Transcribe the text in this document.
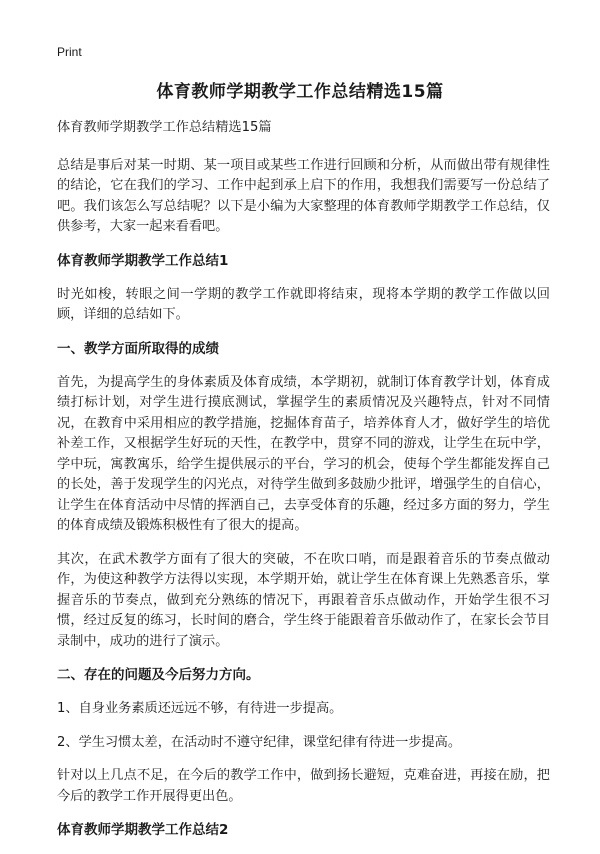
Print
体育教师学期教学工作总结精选15篇

体育教师学期教学工作总结精选15篇

总结是事后对某一时期、某一项目或某些工作进行回顾和分析，从而做出带有规律性的结论，它在我们的学习、工作中起到承上启下的作用，我想我们需要写一份总结了吧。我们该怎么写总结呢？以下是小编为大家整理的体育教师学期教学工作总结，仅供参考，大家一起来看看吧。

体育教师学期教学工作总结1

时光如梭，转眼之间一学期的教学工作就即将结束，现将本学期的教学工作做以回顾，详细的总结如下。

一、教学方面所取得的成绩

首先，为提高学生的身体素质及体育成绩，本学期初，就制订体育教学计划，体育成绩打标计划，对学生进行摸底测试，掌握学生的素质情况及兴趣特点，针对不同情况，在教育中采用相应的教学措施，挖掘体育苗子，培养体育人才，做好学生的培优补差工作，又根据学生好玩的天性，在教学中，贯穿不同的游戏，让学生在玩中学，学中玩，寓教寓乐，给学生提供展示的平台，学习的机会，使每个学生都能发挥自己的长处，善于发现学生的闪光点，对待学生做到多鼓励少批评，增强学生的自信心，让学生在体育活动中尽情的挥洒自己，去享受体育的乐趣，经过多方面的努力，学生的体育成绩及锻炼积极性有了很大的提高。

其次，在武术教学方面有了很大的突破，不在吹口哨，而是跟着音乐的节奏点做动作，为使这种教学方法得以实现，本学期开始，就让学生在体育课上先熟悉音乐，掌握音乐的节奏点，做到充分熟练的情况下，再跟着音乐点做动作，开始学生很不习惯，经过反复的练习，长时间的磨合，学生终于能跟着音乐做动作了，在家长会节目录制中，成功的进行了演示。

二、存在的问题及今后努力方向。

1、自身业务素质还远远不够，有待进一步提高。

2、学生习惯太差，在活动时不遵守纪律，课堂纪律有待进一步提高。

针对以上几点不足，在今后的教学工作中，做到扬长避短，克难奋进，再接在励，把今后的教学工作开展得更出色。

体育教师学期教学工作总结2
